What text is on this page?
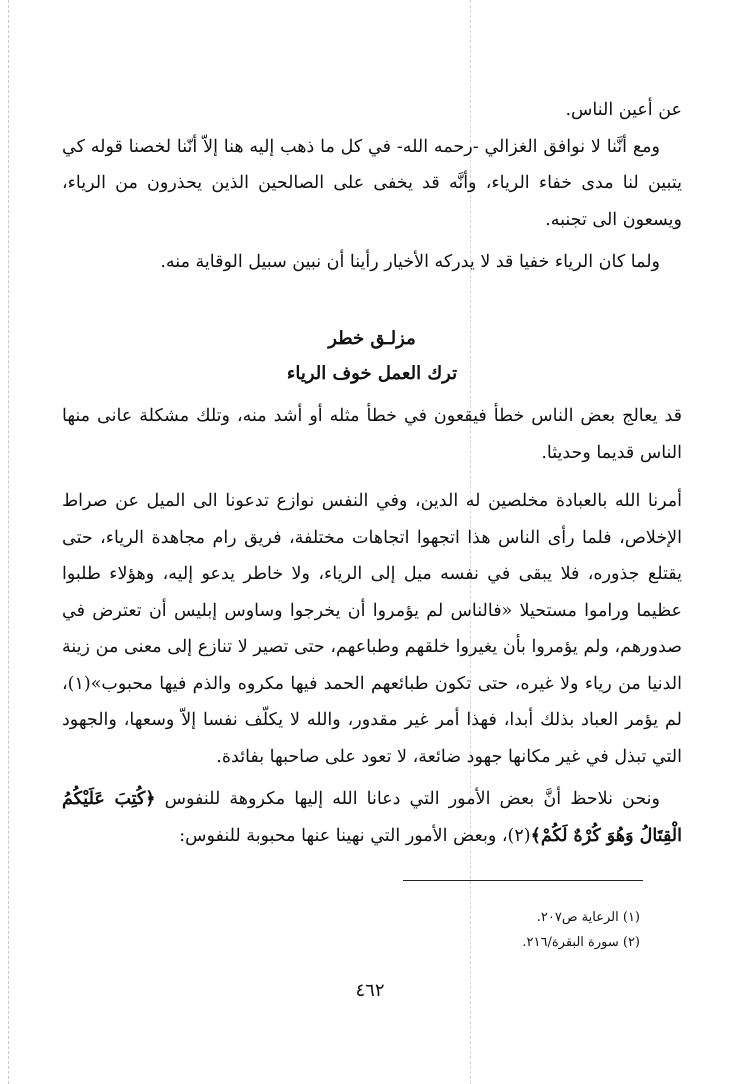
عن أعين الناس.

ومع أنَّنا لا نوافق الغزالي -رحمه الله- في كل ما ذهب إليه هنا إلاّ أنّنا لخصنا قوله كي يتبين لنا مدى خفاء الرياء، وأنَّه قد يخفى على الصالحين الذين يحذرون من الرياء، ويسعون الى تجنبه.

ولما كان الرياء خفيا قد لا يدركه الأخيار رأينا أن نبين سبيل الوقاية منه.

مزلـق خطر
ترك العمل خوف الرياء

قد يعالج بعض الناس خطأ فيقعون في خطأ مثله أو أشد منه، وتلك مشكلة عانى منها الناس قديما وحديثا.

أمرنا الله بالعبادة مخلصين له الدين، وفي النفس نوازع تدعونا الى الميل عن صراط الإخلاص، فلما رأى الناس هذا اتجهوا اتجاهات مختلفة، فريق رام مجاهدة الرياء، حتى يقتلع جذوره، فلا يبقى في نفسه ميل إلى الرياء، ولا خاطر يدعو إليه، وهؤلاء طلبوا عظيما وراموا مستحيلا «فالناس لم يؤمروا أن يخرجوا وساوس إبليس أن تعترض في صدورهم، ولم يؤمروا بأن يغيروا خلقهم وطباعهم، حتى تصير لا تنازع إلى معنى من زينة الدنيا من رياء ولا غيره، حتى تكون طبائعهم الحمد فيها مكروه والذم فيها محبوب»(١)، لم يؤمر العباد بذلك أبدا، فهذا أمر غير مقدور، والله لا يكلّف نفسا إلاّ وسعها، والجهود التي تبذل في غير مكانها جهود ضائعة، لا تعود على صاحبها بفائدة.

ونحن نلاحظ أنَّ بعض الأمور التي دعانا الله إليها مكروهة للنفوس ﴿كُتِبَ عَلَيْكُمُ الْقِتَالُ وَهُوَ كُرْهٌ لَكُمْ﴾(٢)، وبعض الأمور التي نهينا عنها محبوبة للنفوس:

(١) الرعاية ص٢٠٧.
(٢) سورة البقرة/٢١٦.
٤٦٢
